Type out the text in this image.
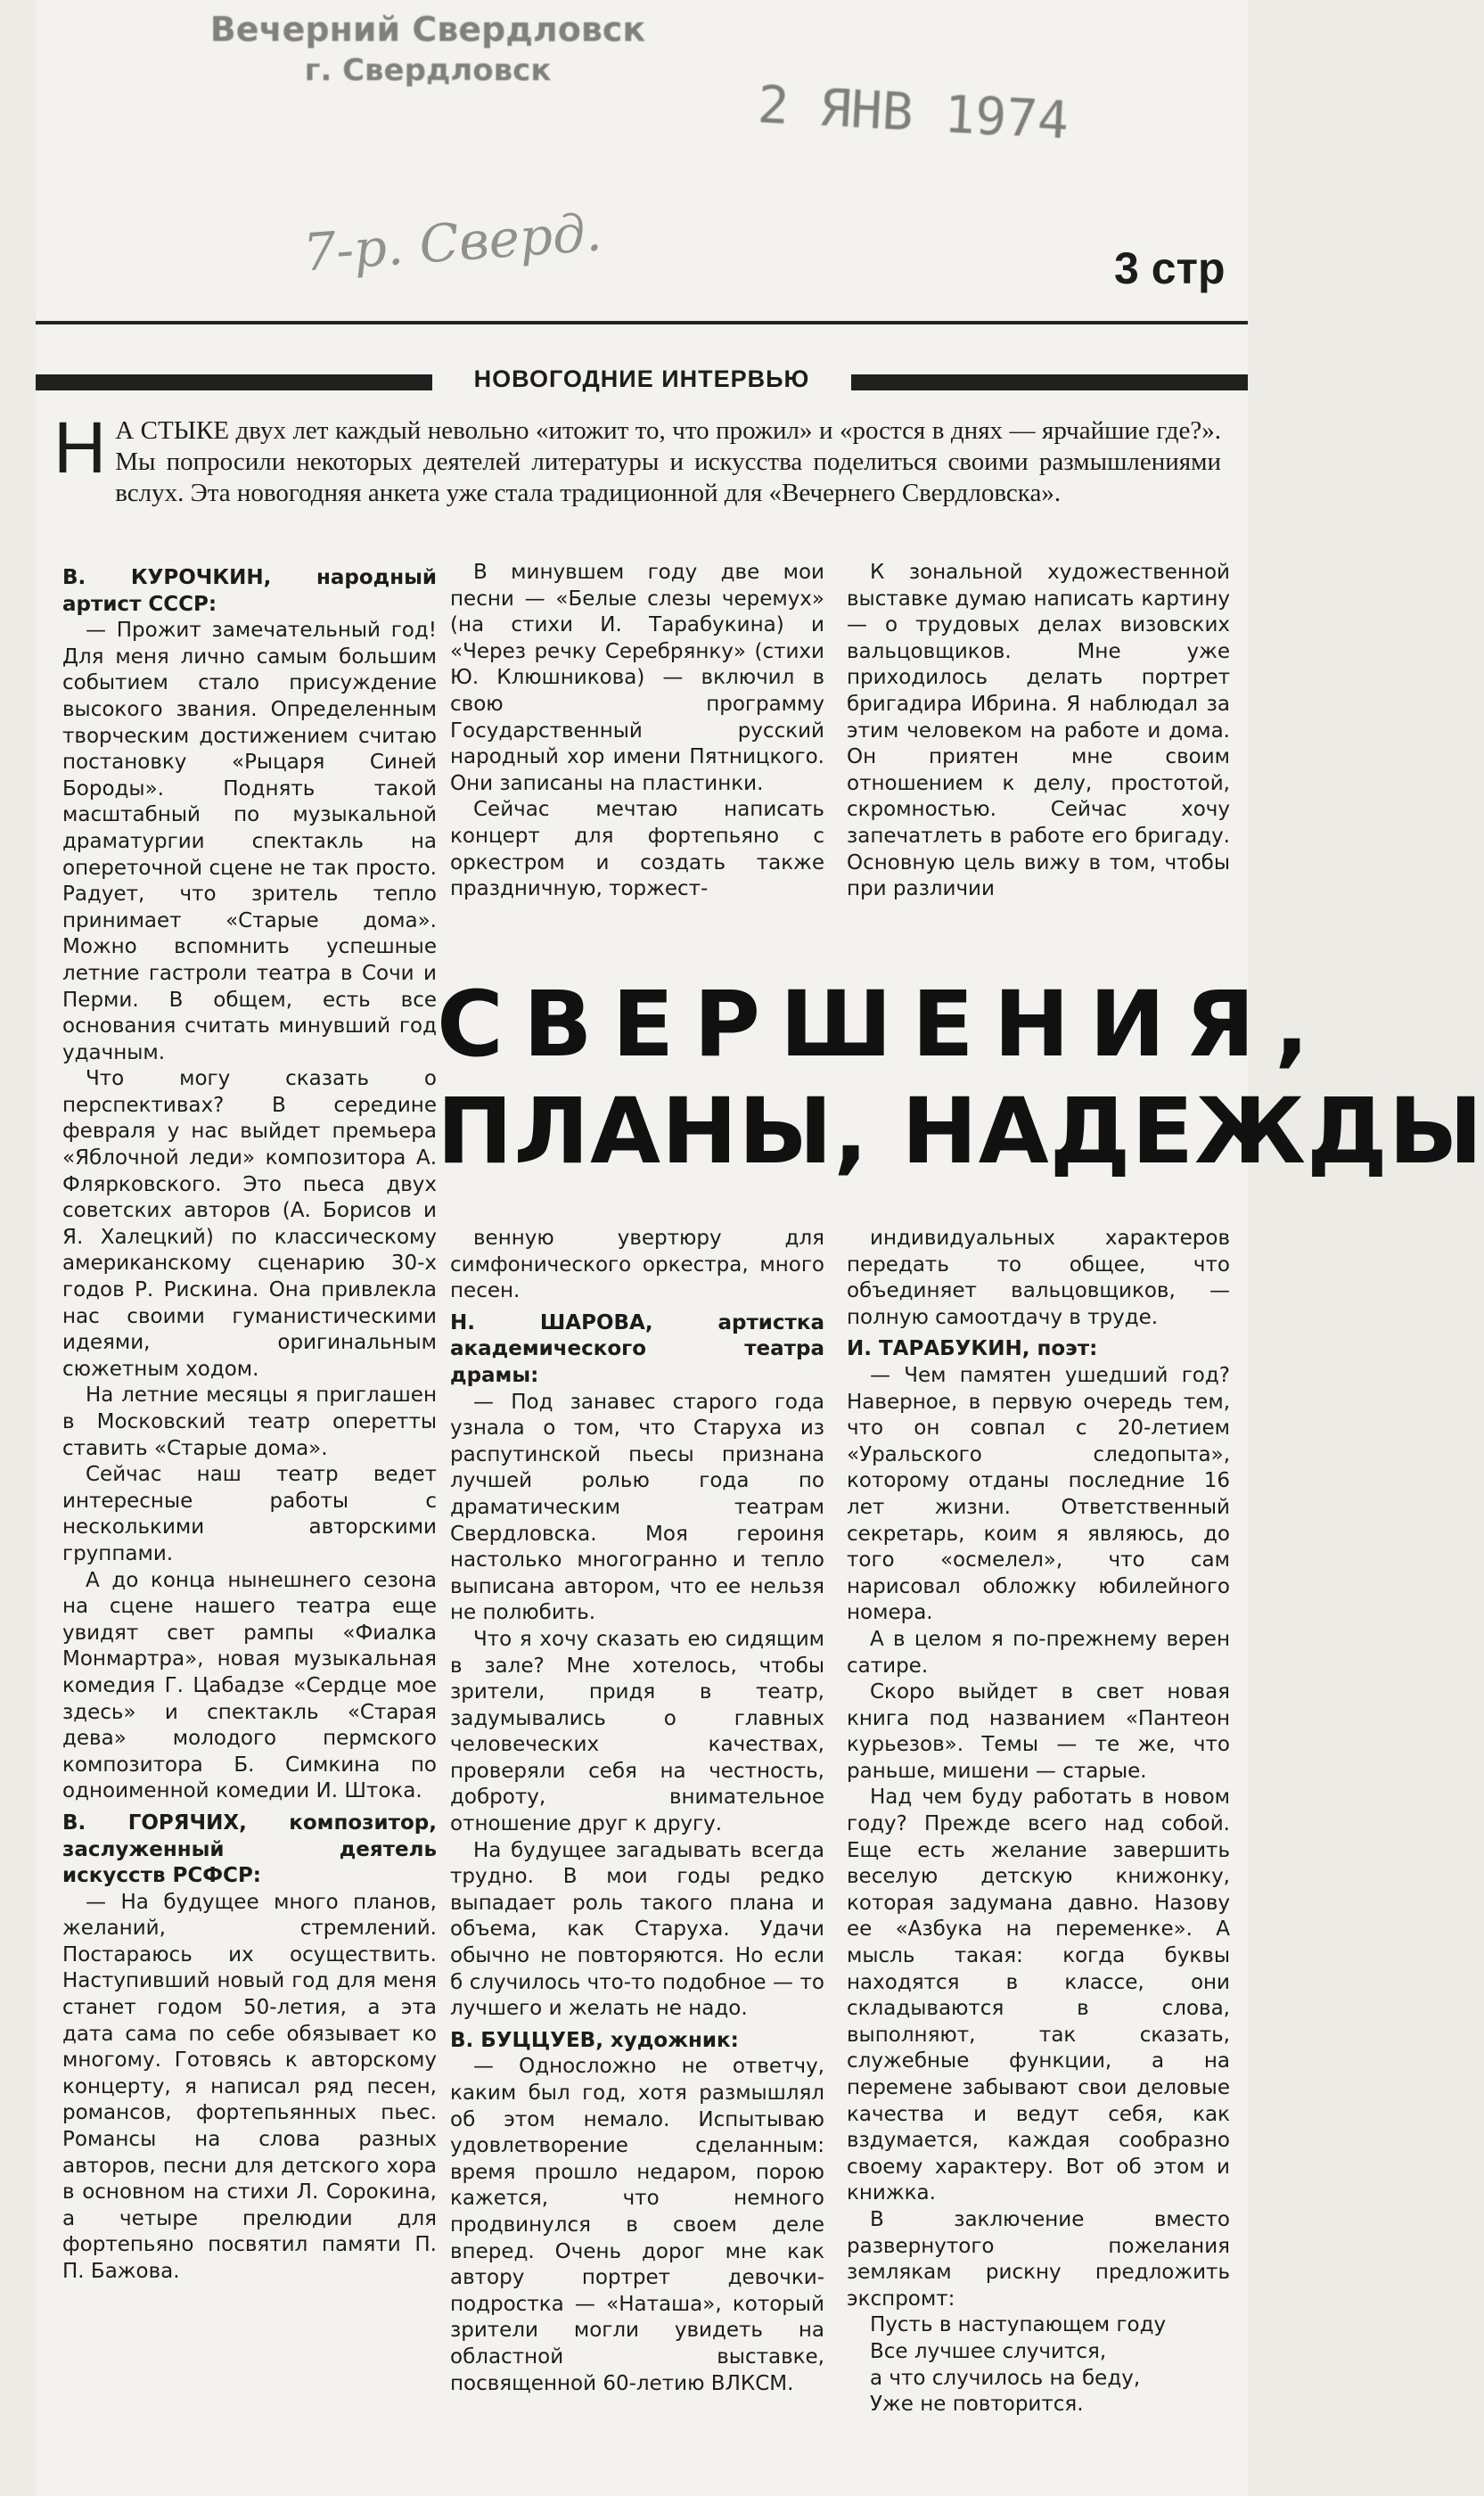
Вечерний Свердловск
г. Свердловск
2 ЯНВ 1974
7-р. Сверд.	3 стр
НОВОГОДНИЕ ИНТЕРВЬЮ
Н А СТЫКЕ двух лет каждый невольно «итожит то, что прожил» и «ростся в днях — ярчайшие где?». Мы попросили некоторых деятелей литературы и искусства поделиться своими размышлениями вслух. Эта новогодняя анкета уже стала традиционной для «Вечернего Свердловска».

В. КУРОЧКИН, народный артист СССР:

— Прожит замечательный год! Для меня лично самым большим событием стало присуждение высокого звания. Определенным творческим достижением считаю постановку «Рыцаря Синей Бороды». Поднять такой масштабный по музыкальной драматургии спектакль на опереточной сцене не так просто. Радует, что зритель тепло принимает «Старые дома». Можно вспомнить успешные летние гастроли театра в Сочи и Перми. В общем, есть все основания считать минувший год удачным.

Что могу сказать о перспективах? В середине февраля у нас выйдет премьера «Яблочной леди» композитора А. Флярковского. Это пьеса двух советских авторов (А. Борисов и Я. Халецкий) по классическому американскому сценарию 30-х годов Р. Рискина. Она привлекла нас своими гуманистическими идеями, оригинальным сюжетным ходом.

На летние месяцы я приглашен в Московский театр оперетты ставить «Старые дома».

Сейчас наш театр ведет интересные работы с несколькими авторскими группами.

А до конца нынешнего сезона на сцене нашего театра еще увидят свет рампы «Фиалка Монмартра», новая музыкальная комедия Г. Цабадзе «Сердце мое здесь» и спектакль «Старая дева» молодого пермского композитора Б. Симкина по одноименной комедии И. Штока.

В. ГОРЯЧИХ, композитор, заслуженный деятель искусств РСФСР:

— На будущее много планов, желаний, стремлений. Постараюсь их осуществить. Наступивший новый год для меня станет годом 50-летия, а эта дата сама по себе обязывает ко многому. Готовясь к авторскому концерту, я написал ряд песен, романсов, фортепьянных пьес. Романсы на слова разных авторов, песни для детского хора в основном на стихи Л. Сорокина, а четыре прелюдии для фортепьяно посвятил памяти П. П. Бажова.

В минувшем году две мои песни — «Белые слезы черемух» (на стихи И. Тарабукина) и «Через речку Серебрянку» (стихи Ю. Клюшникова) — включил в свою программу Государственный русский народный хор имени Пятницкого. Они записаны на пластинки.

Сейчас мечтаю написать концерт для фортепьяно с оркестром и создать также праздничную, торжест-

К зональной художественной выставке думаю написать картину — о трудовых делах визовских вальцовщиков. Мне уже приходилось делать портрет бригадира Ибрина. Я наблюдал за этим человеком на работе и дома. Он приятен мне своим отношением к делу, простотой, скромностью. Сейчас хочу запечатлеть в работе его бригаду. Основную цель вижу в том, чтобы при различии

СВЕРШЕНИЯ,
ПЛАНЫ, НАДЕЖДЫ

венную увертюру для симфонического оркестра, много песен.

Н. ШАРОВА, артистка академического театра драмы:

— Под занавес старого года узнала о том, что Старуха из распутинской пьесы признана лучшей ролью года по драматическим театрам Свердловска. Моя героиня настолько многогранно и тепло выписана автором, что ее нельзя не полюбить.

Что я хочу сказать ею сидящим в зале? Мне хотелось, чтобы зрители, придя в театр, задумывались о главных человеческих качествах, проверяли себя на честность, доброту, внимательное отношение друг к другу.

На будущее загадывать всегда трудно. В мои годы редко выпадает роль такого плана и объема, как Старуха. Удачи обычно не повторяются. Но если б случилось что-то подобное — то лучшего и желать не надо.

В. БУЦЦУЕВ, художник:

— Односложно не ответчу, каким был год, хотя размышлял об этом немало. Испытываю удовлетворение сделанным: время прошло недаром, порою кажется, что немного продвинулся в своем деле вперед. Очень дорог мне как автору портрет девочки-подростка — «Наташа», который зрители могли увидеть на областной выставке, посвященной 60-летию ВЛКСМ.

индивидуальных характеров передать то общее, что объединяет вальцовщиков, — полную самоотдачу в труде.

И. ТАРАБУКИН, поэт:

— Чем памятен ушедший год? Наверное, в первую очередь тем, что он совпал с 20-летием «Уральского следопыта», которому отданы последние 16 лет жизни. Ответственный секретарь, коим я являюсь, до того «осмелел», что сам нарисовал обложку юбилейного номера.

А в целом я по-прежнему верен сатире.

Скоро выйдет в свет новая книга под названием «Пантеон курьезов». Темы — те же, что раньше, мишени — старые.

Над чем буду работать в новом году? Прежде всего над собой. Еще есть желание завершить веселую детскую книжонку, которая задумана давно. Назову ее «Азбука на переменке». А мысль такая: когда буквы находятся в классе, они складываются в слова, выполняют, так сказать, служебные функции, а на перемене забывают свои деловые качества и ведут себя, как вздумается, каждая сообразно своему характеру. Вот об этом и книжка.

В заключение вместо развернутого пожелания землякам рискну предложить экспромт:

Пусть в наступающем году

Все лучшее случится,

а что случилось на беду,

Уже не повторится.
